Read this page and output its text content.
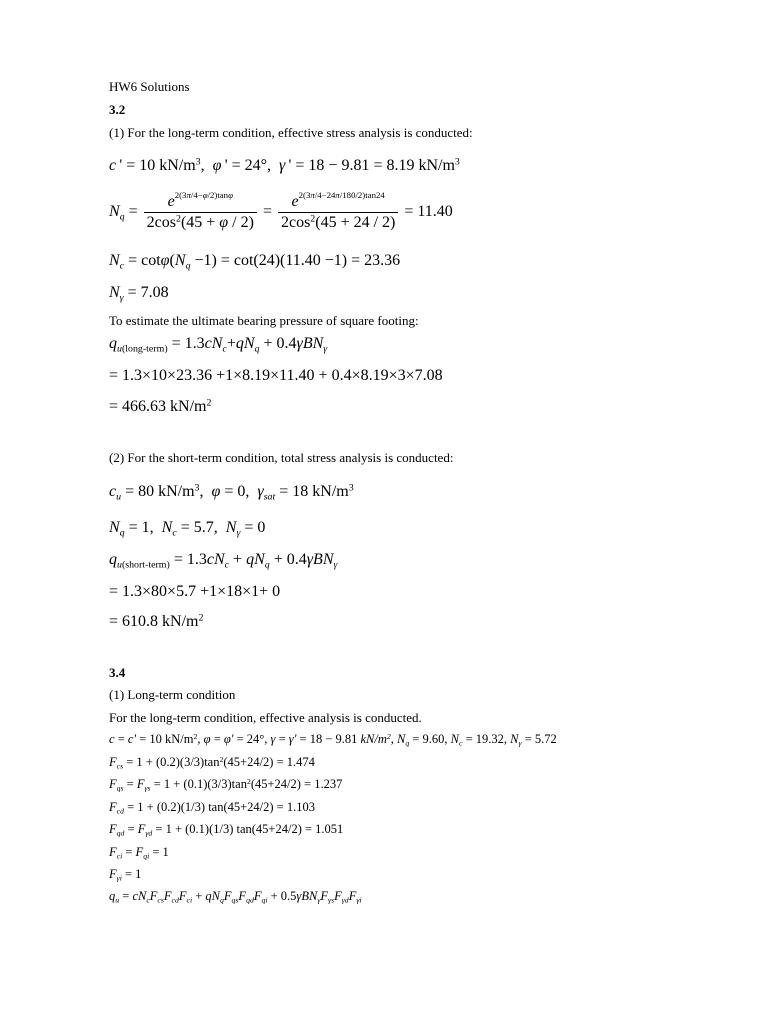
HW6 Solutions
3.2
(1) For the long-term condition, effective stress analysis is conducted:
c ' = 10 $kN/m^3$,  φ ' = 24°,  γ ' = 18 − 9.81 = 8.19 $kN/m^3$
$N_q = \frac{e^{2(3\pi/4-\varphi/2)tan\varphi}}{2\cos^2(45 + \varphi / 2)} = \frac{e^{2(3\pi/4-24\pi/180/2)tan24}}{2\cos^2(45 + 24 / 2)} = 11.40$
$N_c = \cot\varphi(N_q -1) = \cot(24)(11.40 -1) = 23.36$
$N_\gamma = 7.08$
To estimate the ultimate bearing pressure of square footing:
$q_{u(long-term)} = 1.3cN_c+qN_q + 0.4\gamma BN_\gamma$
= 1.3×10×23.36 +1×8.19×11.40 + 0.4×8.19×3×7.08
= 466.63 $kN/m^2$
(2) For the short-term condition, total stress analysis is conducted:
$c_u = 80$ $kN/m^3$,  φ = 0,  $\gamma_{sat} = 18$ $kN/m^3$
$N_q = 1$,  $N_c = 5.7$,  $N_\gamma = 0$
$q_{u(short-term)} = 1.3cN_c + qN_q + 0.4\gamma BN_\gamma$
= 1.3×80×5.7 +1×18×1+ 0
= 610.8 $kN/m^2$
3.4
(1) Long-term condition
For the long-term condition, effective analysis is conducted.
c = c' = 10 $kN/m^2$, φ = φ' = 24°, γ = γ' = 18 − 9.81 $kN/m^2$, $N_q = 9.60$, $N_c = 19.32$, $N_\gamma = 5.72$
$F_{cs} = 1 + (0.2)(3/3)\tan^2(45+24/2) = 1.474$
$F_{qs} = F_{\gamma s} = 1 + (0.1)(3/3)\tan^2(45+24/2) = 1.237$
$F_{cd} = 1 + (0.2)(1/3) \tan(45+24/2) = 1.103$
$F_{qd} = F_{\gamma d} = 1 + (0.1)(1/3) \tan(45+24/2) = 1.051$
$F_{ci} = F_{qi} = 1$
$F_{\gamma i} = 1$
$q_u = cN_cF_{cs}F_{cd}F_{ci} + qN_qF_{qs}F_{qd}F_{qi} + 0.5\gamma BN_\gamma F_{\gamma s}F_{\gamma d}F_{\gamma i}$
